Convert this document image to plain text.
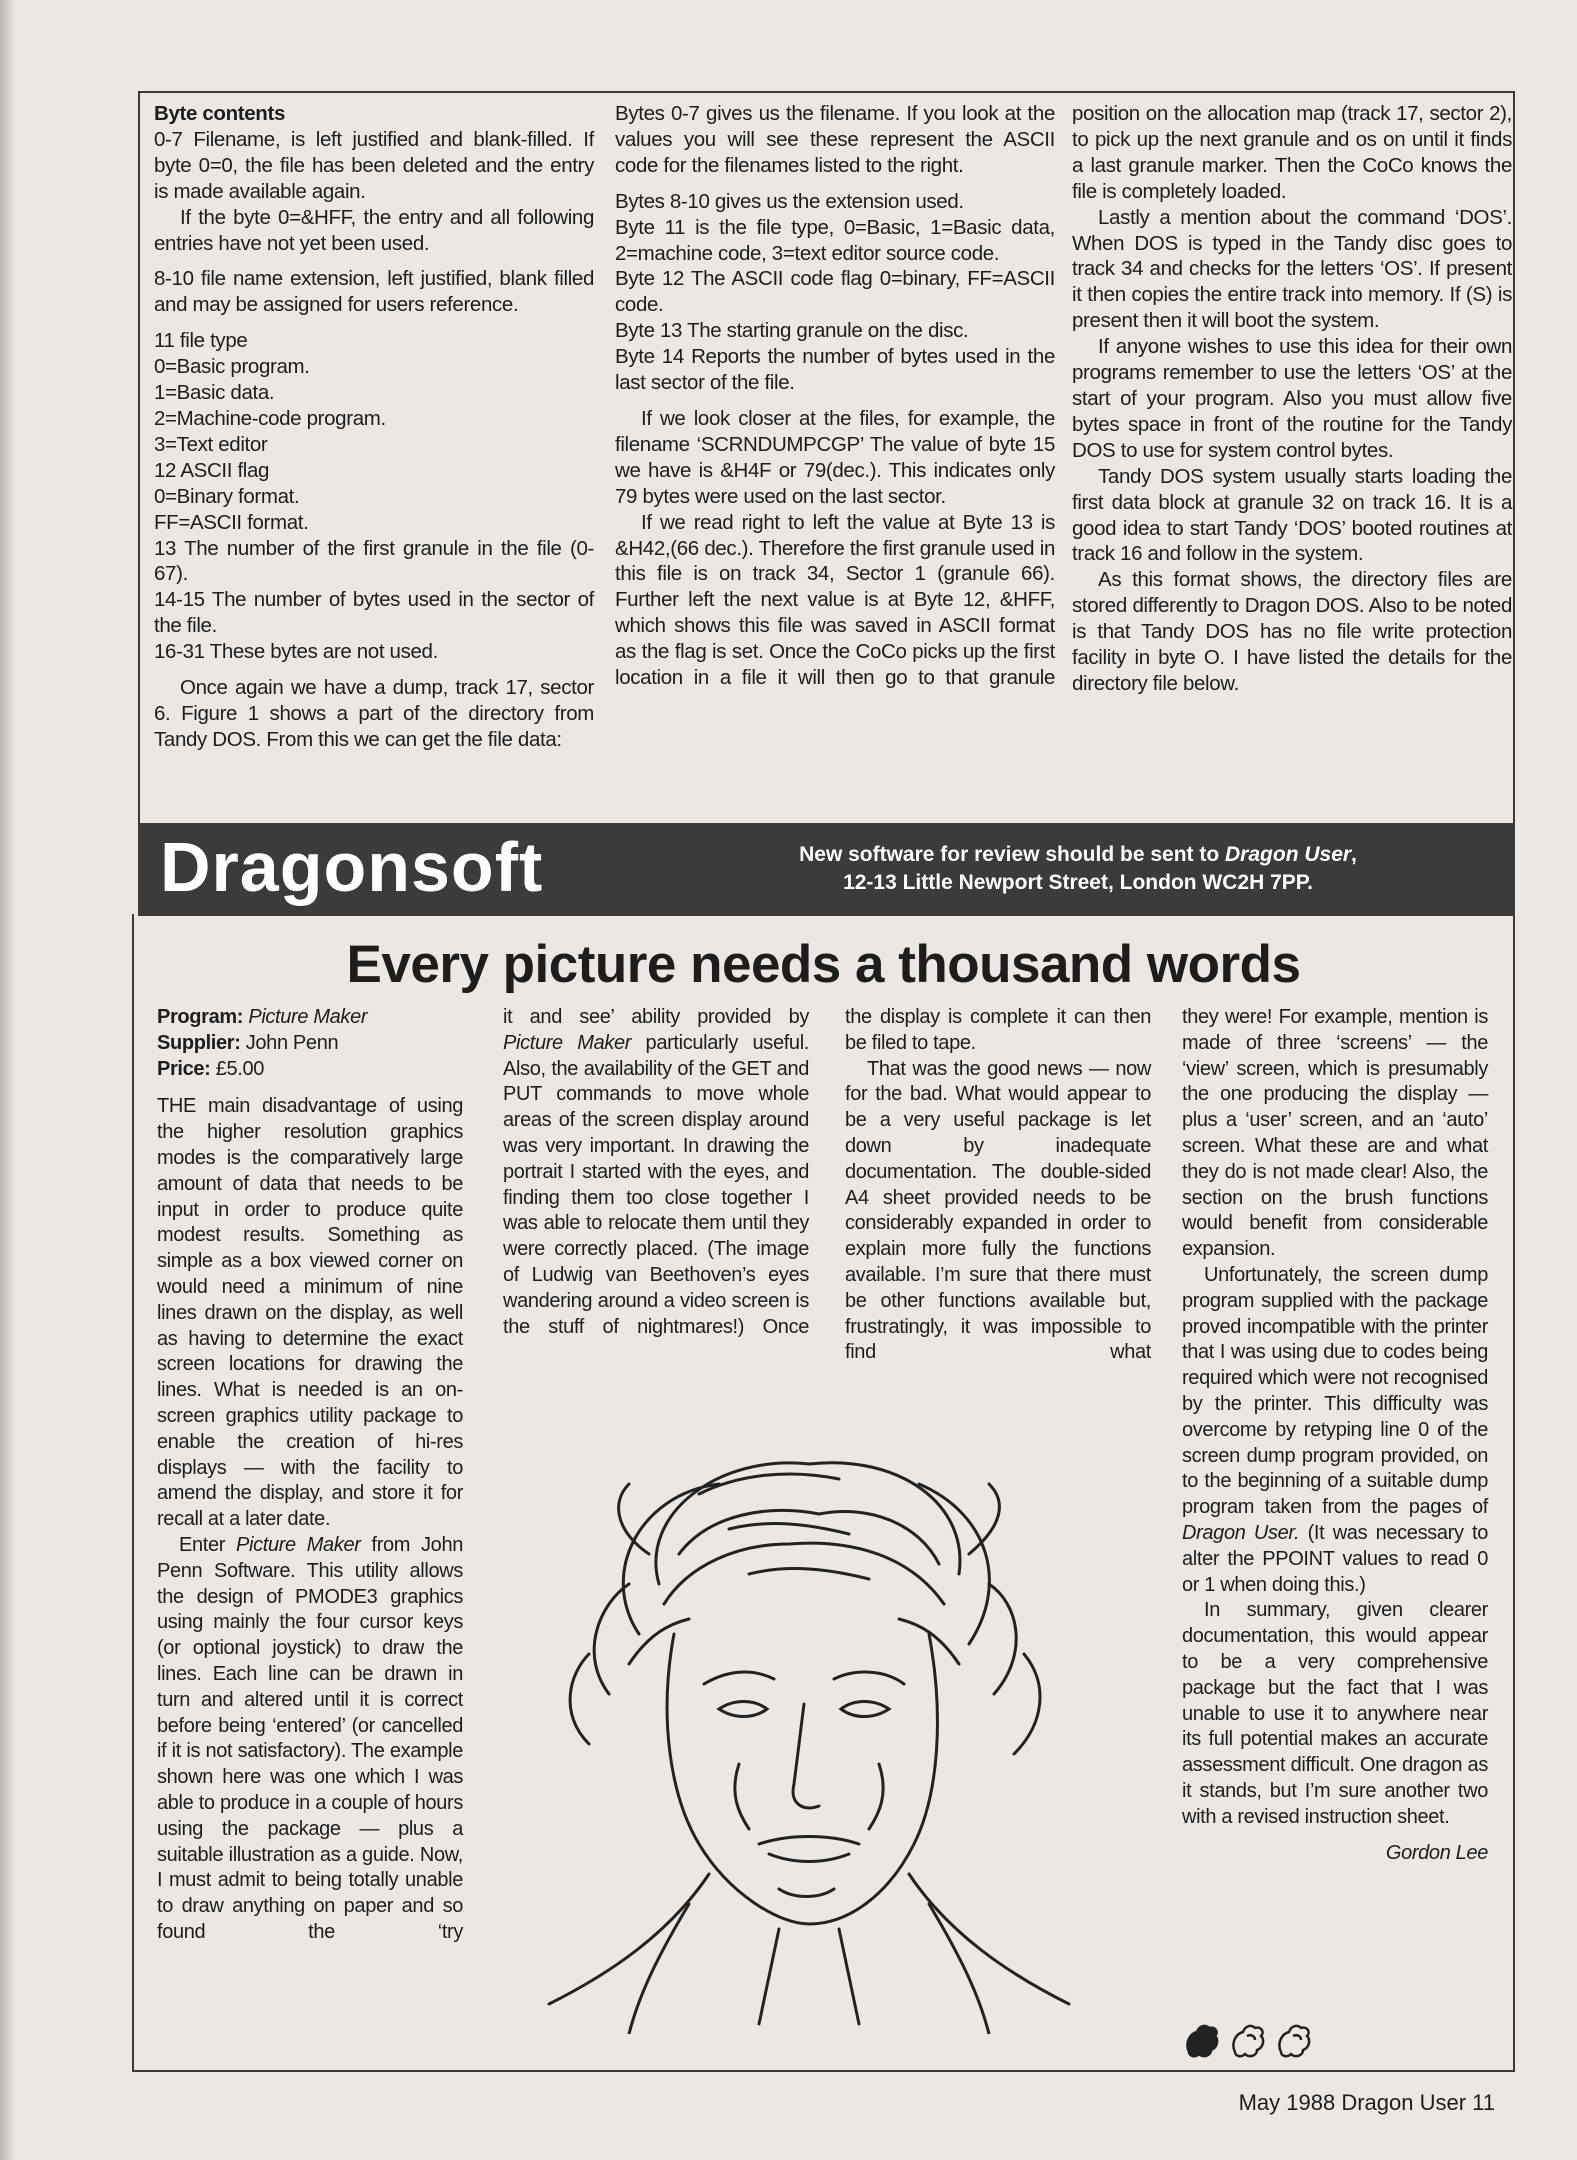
Byte contents

0-7 Filename, is left justified and blank-filled. If byte 0=0, the file has been deleted and the entry is made available again.

If the byte 0=&HFF, the entry and all following entries have not yet been used.

8-10 file name extension, left justified, blank filled and may be assigned for users reference.

11 file type

0=Basic program.

1=Basic data.

2=Machine-code program.

3=Text editor

12 ASCII flag

0=Binary format.

FF=ASCII format.

13 The number of the first granule in the file (0-67).

14-15 The number of bytes used in the sector of the file.

16-31 These bytes are not used.

Once again we have a dump, track 17, sector 6. Figure 1 shows a part of the directory from Tandy DOS. From this we can get the file data:

Bytes 0-7 gives us the filename. If you look at the values you will see these represent the ASCII code for the filenames listed to the right.

Bytes 8-10 gives us the extension used.

Byte 11 is the file type, 0=Basic, 1=Basic data, 2=machine code, 3=text editor source code.

Byte 12 The ASCII code flag 0=binary, FF=ASCII code.

Byte 13 The starting granule on the disc.

Byte 14 Reports the number of bytes used in the last sector of the file.

If we look closer at the files, for example, the filename ‘SCRNDUMPCGP’ The value of byte 15 we have is &H4F or 79(dec.). This indicates only 79 bytes were used on the last sector.

If we read right to left the value at Byte 13 is &H42,(66 dec.). Therefore the first granule used in this file is on track 34, Sector 1 (granule 66). Further left the next value is at Byte 12, &HFF, which shows this file was saved in ASCII format as the flag is set. Once the CoCo picks up the first location in a file it will then go to that granule

position on the allocation map (track 17, sector 2), to pick up the next granule and os on until it finds a last granule marker. Then the CoCo knows the file is completely loaded.

Lastly a mention about the command ‘DOS’. When DOS is typed in the Tandy disc goes to track 34 and checks for the letters ‘OS’. If present it then copies the entire track into memory. If (S) is present then it will boot the system.

If anyone wishes to use this idea for their own programs remember to use the letters ‘OS’ at the start of your program. Also you must allow five bytes space in front of the routine for the Tandy DOS to use for system control bytes.

Tandy DOS system usually starts loading the first data block at granule 32 on track 16. It is a good idea to start Tandy ‘DOS’ booted routines at track 16 and follow in the system.

As this format shows, the directory files are stored differently to Dragon DOS. Also to be noted is that Tandy DOS has no file write protection facility in byte O. I have listed the details for the directory file below.

Dragonsoft	New software for review should be sent to Dragon User,
12-13 Little Newport Street, London WC2H 7PP.
Every picture needs a thousand words

Program: Picture Maker

Supplier: John Penn

Price: £5.00

THE main disadvantage of using the higher resolution graphics modes is the comparatively large amount of data that needs to be input in order to produce quite modest results. Something as simple as a box viewed corner on would need a minimum of nine lines drawn on the display, as well as having to determine the exact screen locations for drawing the lines. What is needed is an on-screen graphics utility package to enable the creation of hi-res displays — with the facility to amend the display, and store it for recall at a later date.

Enter Picture Maker from John Penn Software. This utility allows the design of PMODE3 graphics using mainly the four cursor keys (or optional joystick) to draw the lines. Each line can be drawn in turn and altered until it is correct before being ‘entered’ (or cancelled if it is not satisfactory). The example shown here was one which I was able to produce in a couple of hours using the package — plus a suitable illustration as a guide. Now, I must admit to being totally unable to draw anything on paper and so found the ‘try

it and see’ ability provided by Picture Maker particularly useful. Also, the availability of the GET and PUT commands to move whole areas of the screen display around was very important. In drawing the portrait I started with the eyes, and finding them too close together I was able to relocate them until they were correctly placed. (The image of Ludwig van Beethoven’s eyes wandering around a video screen is the stuff of nightmares!) Once

the display is complete it can then be filed to tape.

That was the good news — now for the bad. What would appear to be a very useful package is let down by inadequate documentation. The double-sided A4 sheet provided needs to be considerably expanded in order to explain more fully the functions available. I’m sure that there must be other functions available but, frustratingly, it was impossible to find what

they were! For example, mention is made of three ‘screens’ — the ‘view’ screen, which is presumably the one producing the display — plus a ‘user’ screen, and an ‘auto’ screen. What these are and what they do is not made clear! Also, the section on the brush functions would benefit from considerable expansion.

Unfortunately, the screen dump program supplied with the package proved incompatible with the printer that I was using due to codes being required which were not recognised by the printer. This difficulty was overcome by retyping line 0 of the screen dump program provided, on to the beginning of a suitable dump program taken from the pages of Dragon User. (It was necessary to alter the PPOINT values to read 0 or 1 when doing this.)

In summary, given clearer documentation, this would appear to be a very comprehensive package but the fact that I was unable to use it to anywhere near its full potential makes an accurate assessment difficult. One dragon as it stands, but I’m sure another two with a revised instruction sheet.

Gordon Lee

May 1988 Dragon User 11
